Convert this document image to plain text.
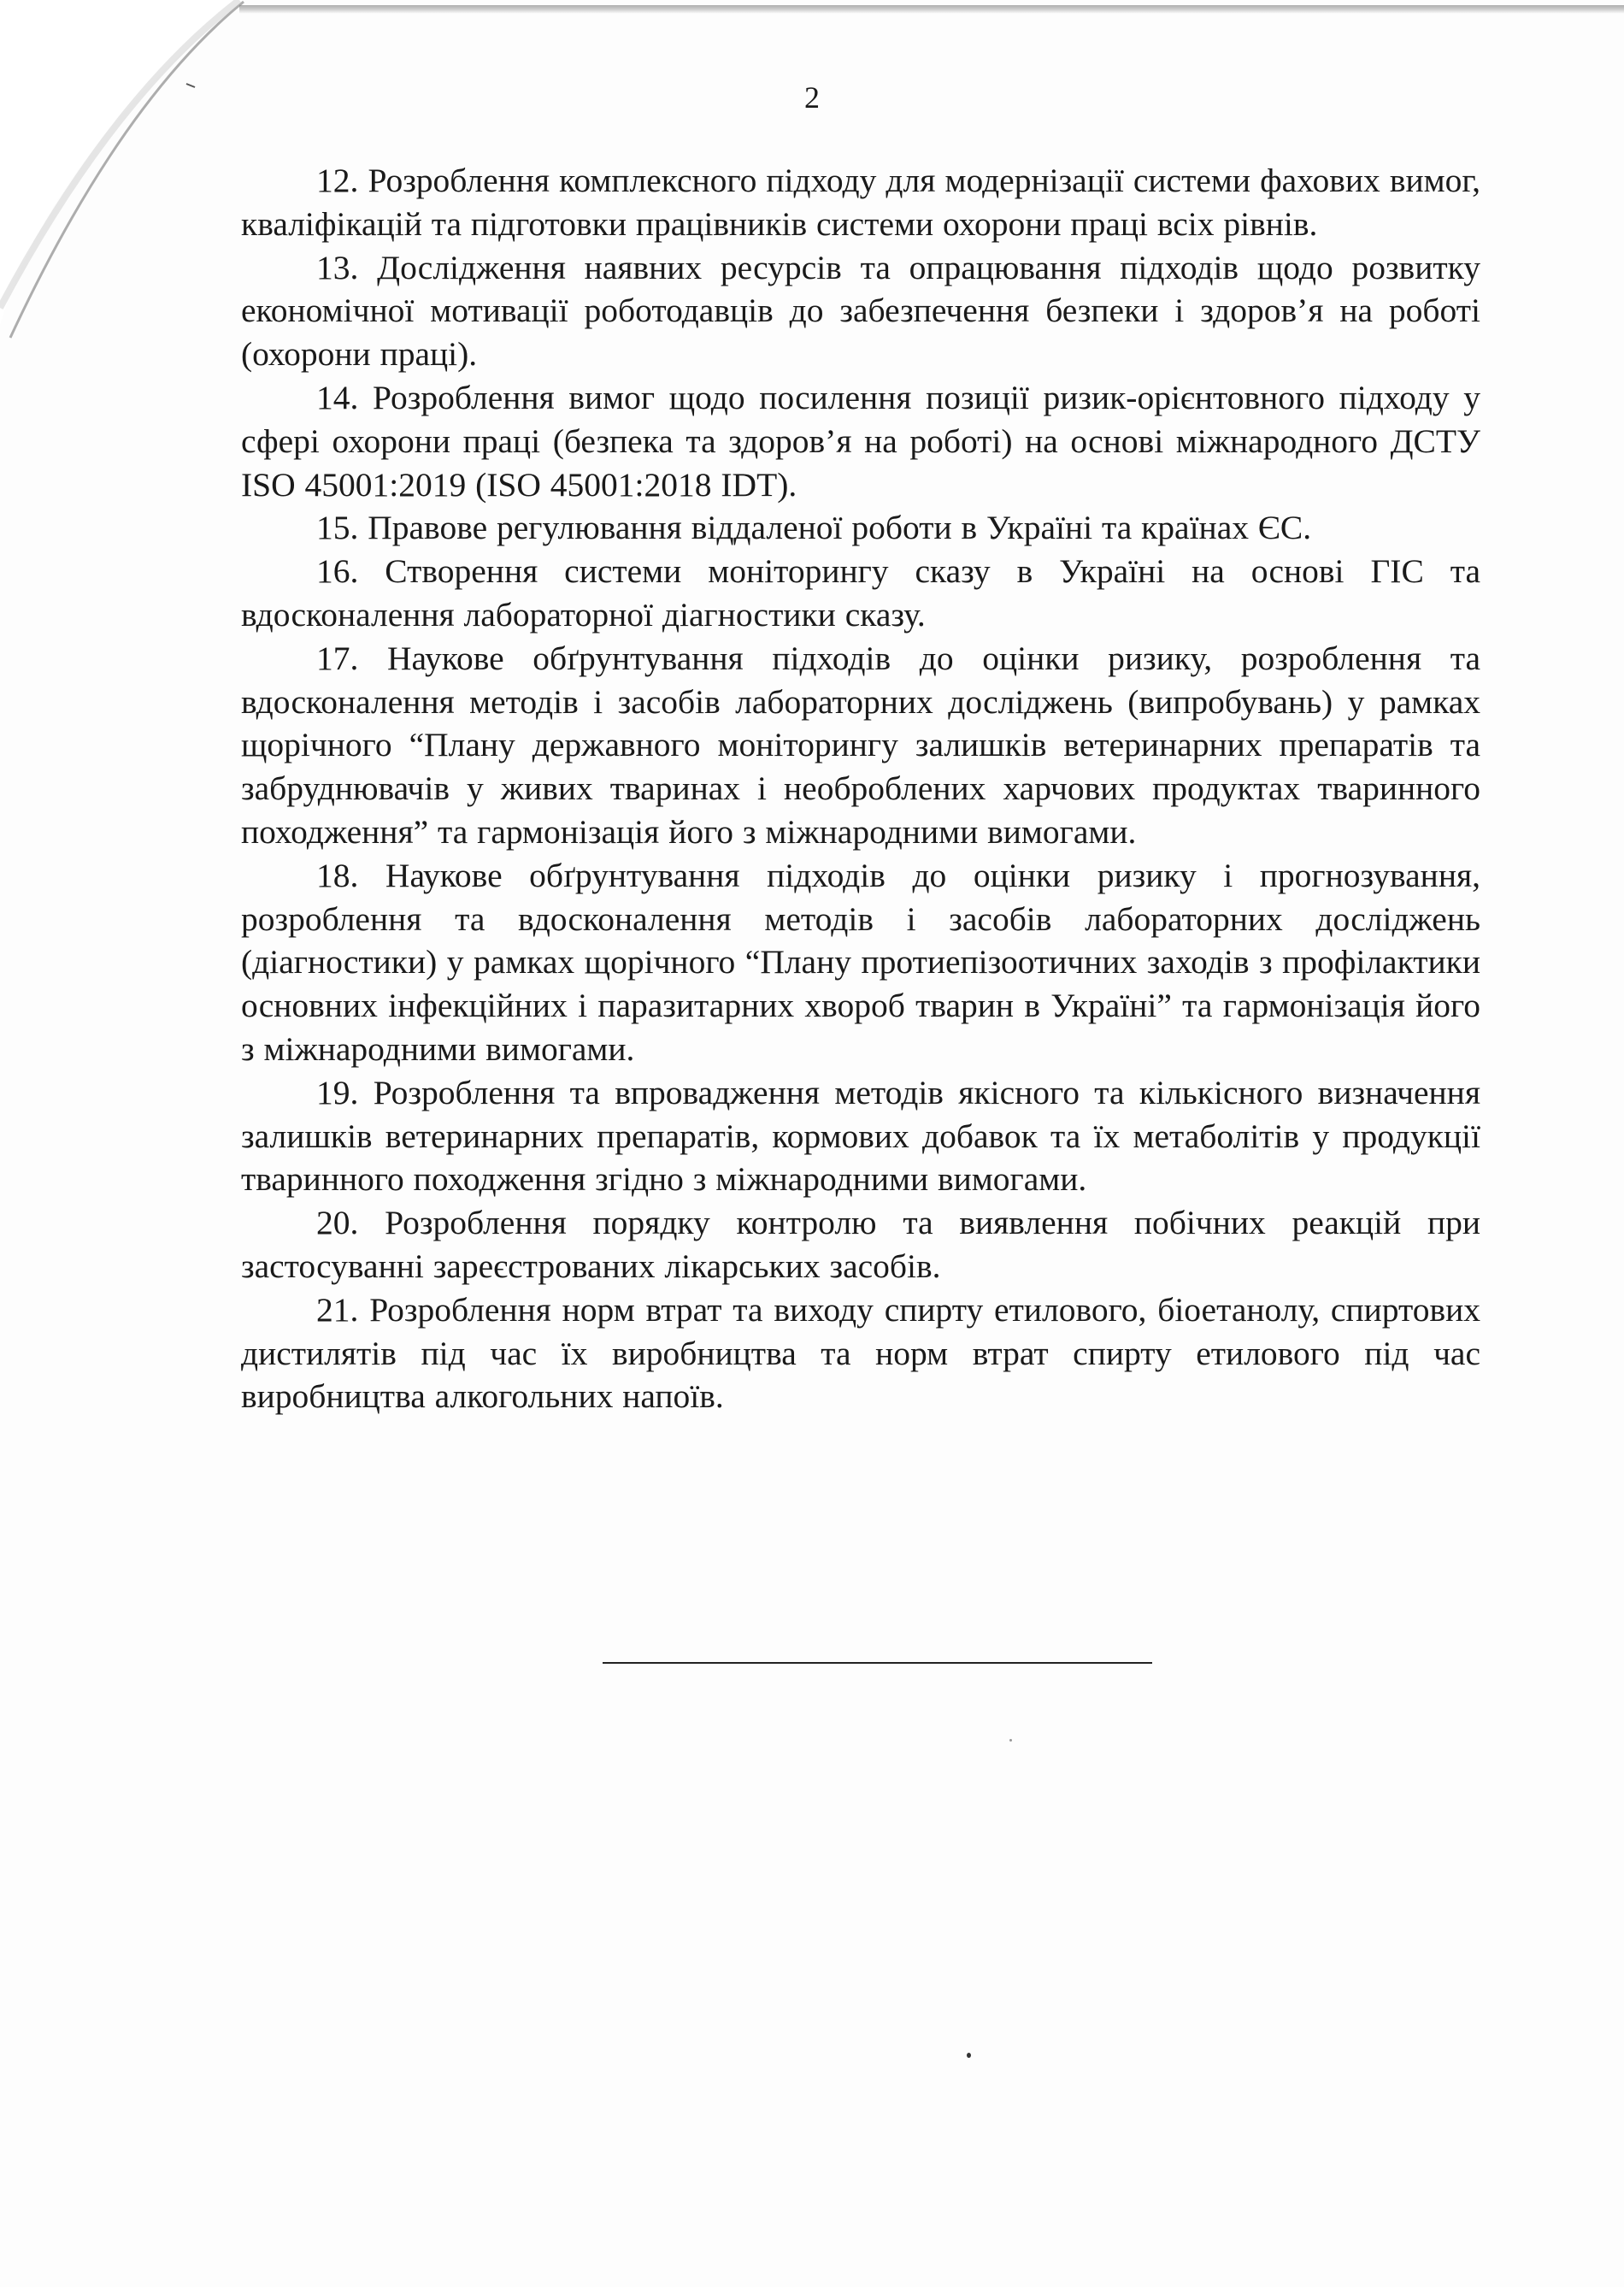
2

12. Розроблення комплексного підходу для модернізації системи фахових вимог, кваліфікацій та підготовки працівників системи охорони праці всіх рівнів.

13. Дослідження наявних ресурсів та опрацювання підходів щодо розвитку економічної мотивації роботодавців до забезпечення безпеки і здоров’я на роботі (охорони праці).

14. Розроблення вимог щодо посилення позиції ризик-орієнтовного підходу у сфері охорони праці (безпека та здоров’я на роботі) на основі міжнародного ДСТУ ISO 45001:2019 (ISO 45001:2018 IDT).

15. Правове регулювання віддаленої роботи в Україні та країнах ЄС.

16. Створення системи моніторингу сказу в Україні на основі ГІС та вдосконалення лабораторної діагностики сказу.

17. Наукове обґрунтування підходів до оцінки ризику, розроблення та вдосконалення методів і засобів лабораторних досліджень (випробувань) у рамках щорічного “Плану державного моніторингу залишків ветеринарних препаратів та забруднювачів у живих тваринах і необроблених харчових продуктах тваринного походження” та гармонізація його з міжнародними вимогами.

18. Наукове обґрунтування підходів до оцінки ризику і прогнозування, розроблення та вдосконалення методів і засобів лабораторних досліджень (діагностики) у рамках щорічного “Плану протиепізоотичних заходів з профілактики основних інфекційних і паразитарних хвороб тварин в Україні” та гармонізація його з міжнародними вимогами.

19. Розроблення та впровадження методів якісного та кількісного визначення залишків ветеринарних препаратів, кормових добавок та їх метаболітів у продукції тваринного походження згідно з міжнародними вимогами.

20. Розроблення порядку контролю та виявлення побічних реакцій при застосуванні зареєстрованих лікарських засобів.

21. Розроблення норм втрат та виходу спирту етилового, біоетанолу, спиртових дистилятів під час їх виробництва та норм втрат спирту етилового під час виробництва алкогольних напоїв.
